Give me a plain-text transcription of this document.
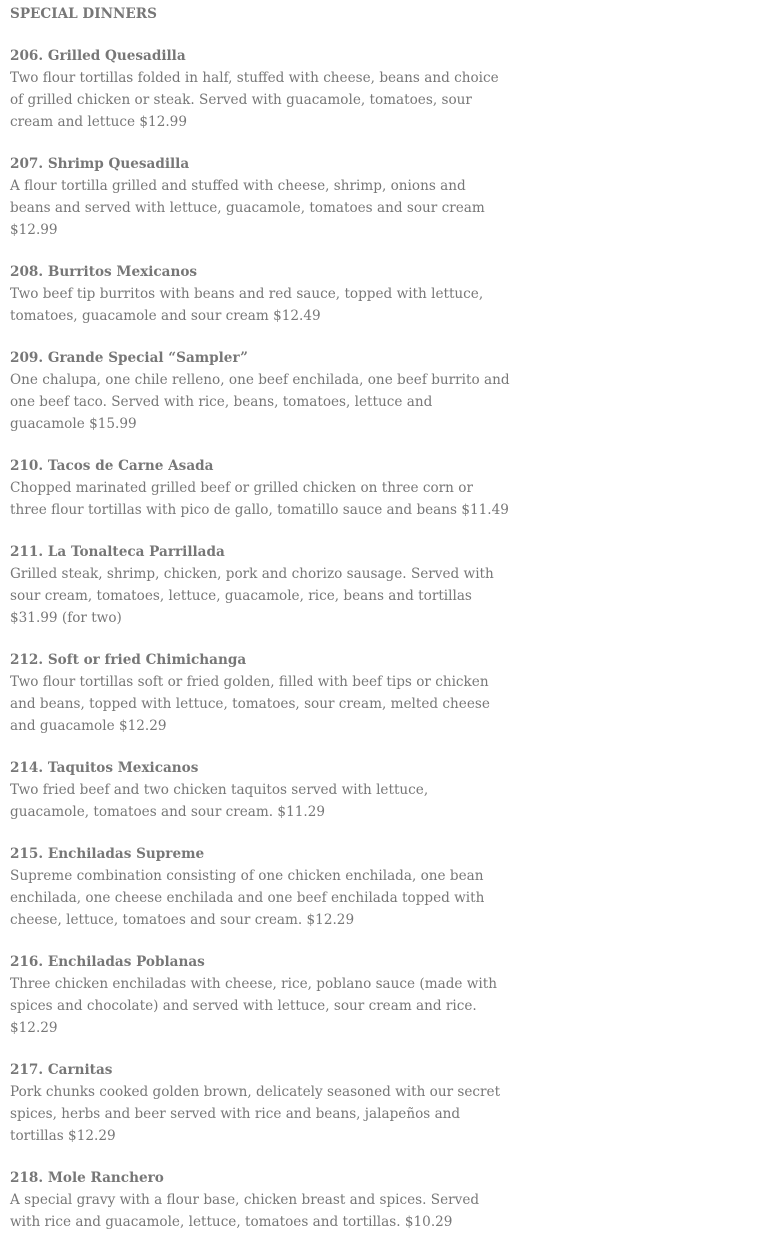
SPECIAL DINNERS
206. Grilled Quesadilla
Two flour tortillas folded in half, stuffed with cheese, beans and choice of grilled chicken or steak. Served with guacamole, tomatoes, sour cream and lettuce $12.99
207. Shrimp Quesadilla
A flour tortilla grilled and stuffed with cheese, shrimp, onions and beans and served with lettuce, guacamole, tomatoes and sour cream $12.99
208. Burritos Mexicanos
Two beef tip burritos with beans and red sauce, topped with lettuce, tomatoes, guacamole and sour cream $12.49
209. Grande Special “Sampler”
One chalupa, one chile relleno, one beef enchilada, one beef burrito and one beef taco. Served with rice, beans, tomatoes, lettuce and guacamole $15.99
210. Tacos de Carne Asada
Chopped marinated grilled beef or grilled chicken on three corn or three flour tortillas with pico de gallo, tomatillo sauce and beans $11.49
211. La Tonalteca Parrillada
Grilled steak, shrimp, chicken, pork and chorizo sausage. Served with sour cream, tomatoes, lettuce, guacamole, rice, beans and tortillas $31.99 (for two)
212. Soft or fried Chimichanga
Two flour tortillas soft or fried golden, filled with beef tips or chicken and beans, topped with lettuce, tomatoes, sour cream, melted cheese and guacamole $12.29
214. Taquitos Mexicanos
Two fried beef and two chicken taquitos served with lettuce, guacamole, tomatoes and sour cream. $11.29
215. Enchiladas Supreme
Supreme combination consisting of one chicken enchilada, one bean enchilada, one cheese enchilada and one beef enchilada topped with cheese, lettuce, tomatoes and sour cream. $12.29
216. Enchiladas Poblanas
Three chicken enchiladas with cheese, rice, poblano sauce (made with spices and chocolate) and served with lettuce, sour cream and rice. $12.29
217. Carnitas
Pork chunks cooked golden brown, delicately seasoned with our secret spices, herbs and beer served with rice and beans, jalapeños and tortillas $12.29
218. Mole Ranchero
A special gravy with a flour base, chicken breast and spices. Served with rice and guacamole, lettuce, tomatoes and tortillas. $10.29
